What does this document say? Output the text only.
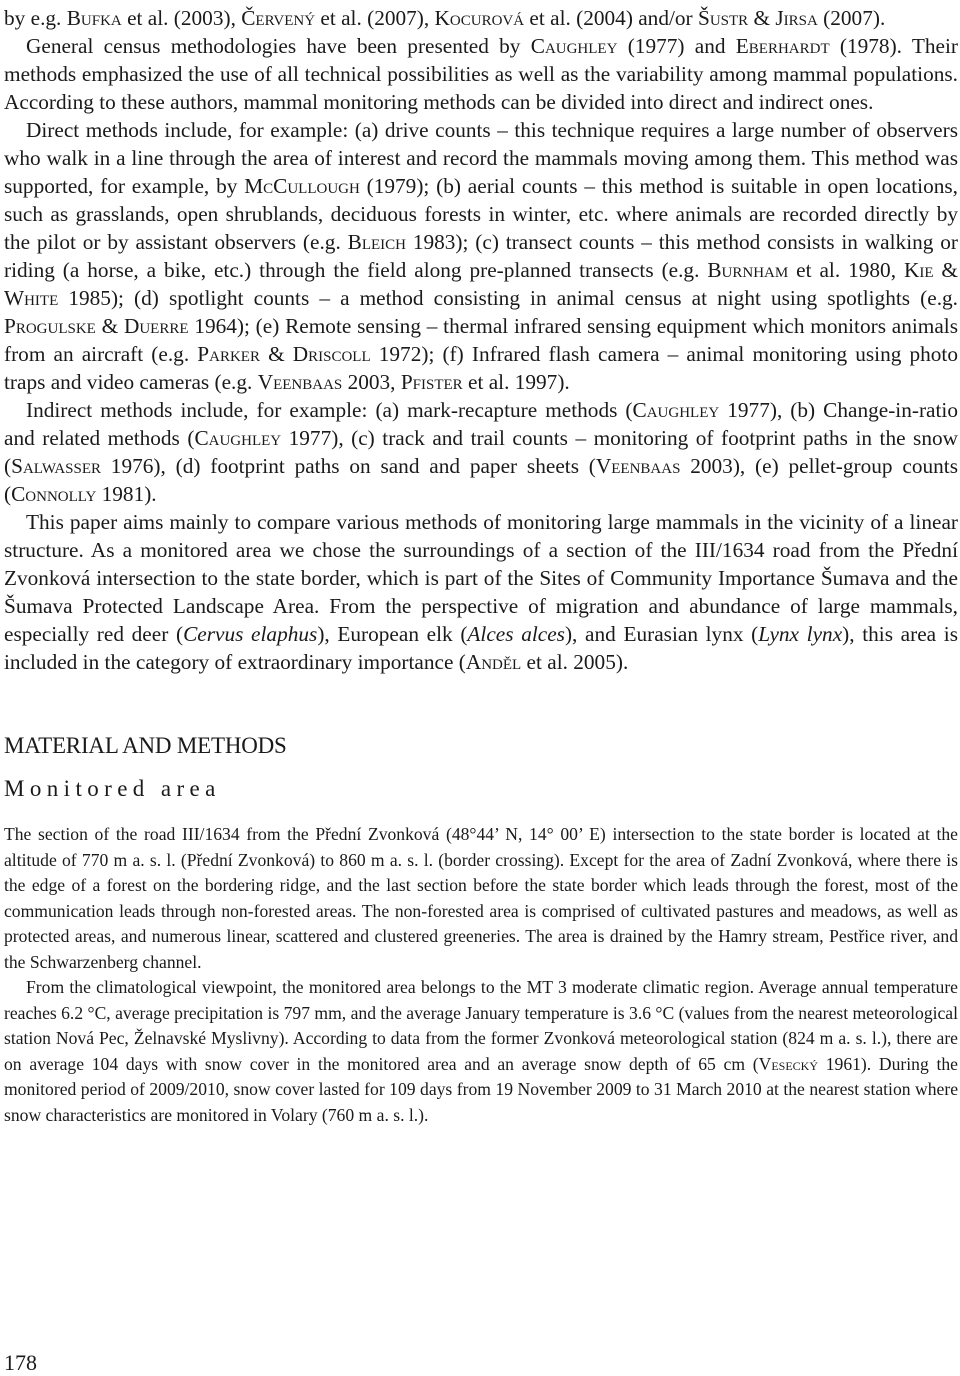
by e.g. Bufka et al. (2003), Červený et al. (2007), Kocurová et al. (2004) and/or Šustr & Jirsa (2007).

General census methodologies have been presented by Caughley (1977) and Eberhardt (1978). Their methods emphasized the use of all technical possibilities as well as the variability among mammal populations. According to these authors, mammal monitoring methods can be divided into direct and indirect ones.

Direct methods include, for example: (a) drive counts – this technique requires a large number of observers who walk in a line through the area of interest and record the mammals moving among them. This method was supported, for example, by McCullough (1979); (b) aerial counts – this method is suitable in open locations, such as grasslands, open shrublands, deciduous forests in winter, etc. where animals are recorded directly by the pilot or by assistant observers (e.g. Bleich 1983); (c) transect counts – this method consists in walking or riding (a horse, a bike, etc.) through the field along pre-planned transects (e.g. Burnham et al. 1980, Kie & White 1985); (d) spotlight counts – a method consisting in animal census at night using spotlights (e.g. Progulske & Duerre 1964); (e) Remote sensing – thermal infrared sensing equipment which monitors animals from an aircraft (e.g. Parker & Driscoll 1972); (f) Infrared flash camera – animal monitoring using photo traps and video cameras (e.g. Veenbaas 2003, Pfister et al. 1997).

Indirect methods include, for example: (a) mark-recapture methods (Caughley 1977), (b) Change-in-ratio and related methods (Caughley 1977), (c) track and trail counts – monitoring of footprint paths in the snow (Salwasser 1976), (d) footprint paths on sand and paper sheets (Veenbaas 2003), (e) pellet-group counts (Connolly 1981).

This paper aims mainly to compare various methods of monitoring large mammals in the vicinity of a linear structure. As a monitored area we chose the surroundings of a section of the III/1634 road from the Přední Zvonková intersection to the state border, which is part of the Sites of Community Importance Šumava and the Šumava Protected Landscape Area. From the perspective of migration and abundance of large mammals, especially red deer (Cervus elaphus), European elk (Alces alces), and Eurasian lynx (Lynx lynx), this area is included in the category of extraordinary importance (Anděl et al. 2005).

MATERIAL AND METHODS
Monitored area

The section of the road III/1634 from the Přední Zvonková (48°44’ N, 14° 00’ E) intersection to the state border is located at the altitude of 770 m a. s. l. (Přední Zvonková) to 860 m a. s. l. (border crossing). Except for the area of Zadní Zvonková, where there is the edge of a forest on the bordering ridge, and the last section before the state border which leads through the forest, most of the communication leads through non-forested areas. The non-forested area is comprised of cultivated pastures and meadows, as well as protected areas, and numerous linear, scattered and clustered greeneries. The area is drained by the Hamry stream, Pestřice river, and the Schwarzenberg channel.

From the climatological viewpoint, the monitored area belongs to the MT 3 moderate climatic region. Average annual temperature reaches 6.2 °C, average precipitation is 797 mm, and the average January temperature is 3.6 °C (values from the nearest meteorological station Nová Pec, Želnavské Myslivny). According to data from the former Zvonková meteorological station (824 m a. s. l.), there are on average 104 days with snow cover in the monitored area and an average snow depth of 65 cm (Vesecký 1961). During the monitored period of 2009/2010, snow cover lasted for 109 days from 19 November 2009 to 31 March 2010 at the nearest station where snow characteristics are monitored in Volary (760 m a. s. l.).

178
